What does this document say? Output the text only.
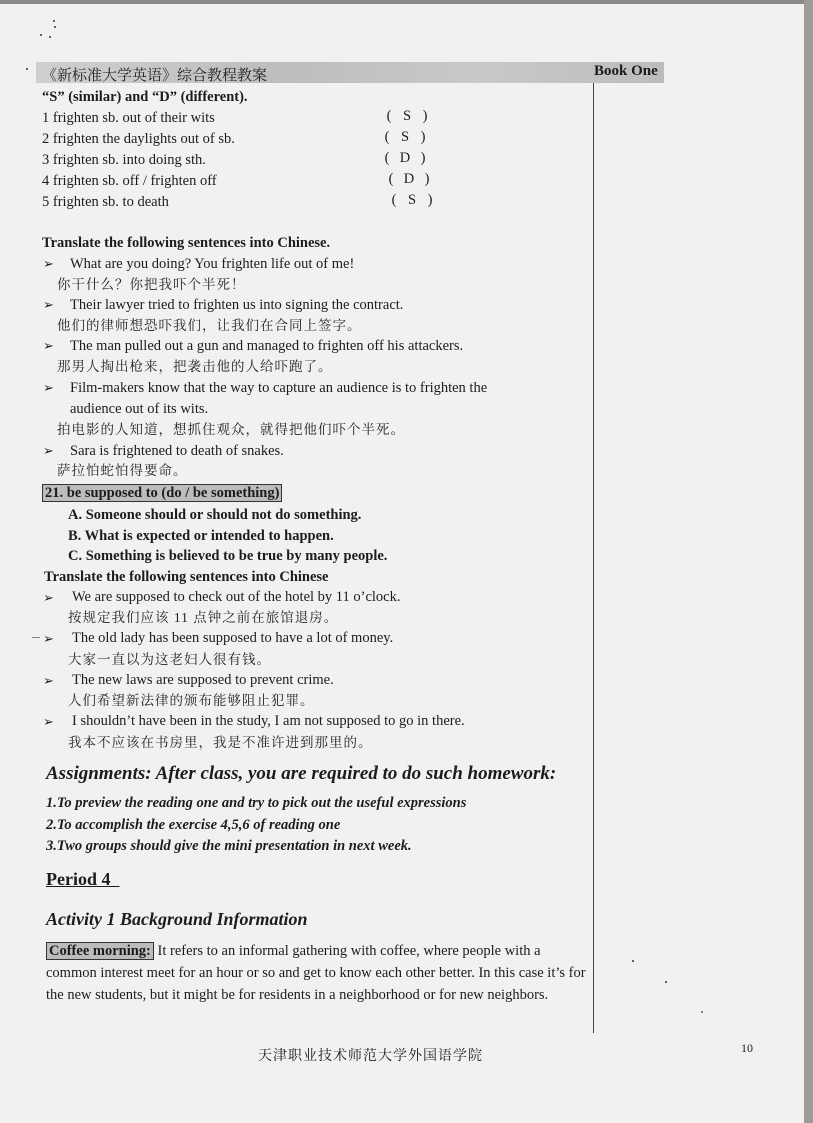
《新标准大学英语》综合教程教案	Book One
“S” (similar) and “D” (different).
1 frighten sb. out of their wits	( S )
2 frighten the daylights out of sb.	( S )
3 frighten sb. into doing sth.	( D )
4 frighten sb. off / frighten off	( D )
5 frighten sb. to death	( S )
Translate the following sentences into Chinese.
➢ What are you doing? You frighten life out of me!
你干什么？你把我吓个半死！
➢ Their lawyer tried to frighten us into signing the contract.
他们的律师想恐吓我们，让我们在合同上签字。
➢ The man pulled out a gun and managed to frighten off his attackers.
那男人掏出枪来，把袭击他的人给吓跑了。
➢ Film-makers know that the way to capture an audience is to frighten the
audience out of its wits.
拍电影的人知道，想抓住观众，就得把他们吓个半死。
➢ Sara is frightened to death of snakes.
萨拉怕蛇怕得要命。
21. be supposed to (do / be something)
A. Someone should or should not do something.
B. What is expected or intended to happen.
C. Something is believed to be true by many people.
Translate the following sentences into Chinese
➢ We are supposed to check out of the hotel by 11 o’clock.
按规定我们应该 11 点钟之前在旅馆退房。
➢ The old lady has been supposed to have a lot of money.
大家一直以为这老妇人很有钱。
➢ The new laws are supposed to prevent crime.
人们希望新法律的颁布能够阻止犯罪。
➢ I shouldn’t have been in the study, I am not supposed to go in there.
我本不应该在书房里，我是不准许进到那里的。
Assignments: After class, you are required to do such homework:
1.To preview the reading one and try to pick out the useful expressions
2.To accomplish the exercise 4,5,6 of reading one
3.Two groups should give the mini presentation in next week.
Period 4
Activity 1 Background Information
Coffee morning: It refers to an informal gathering with coffee, where people with a common interest meet for an hour or so and get to know each other better. In this case it’s for the new students, but it might be for residents in a neighborhood or for new neighbors.
天津职业技术师范大学外国语学院
10
